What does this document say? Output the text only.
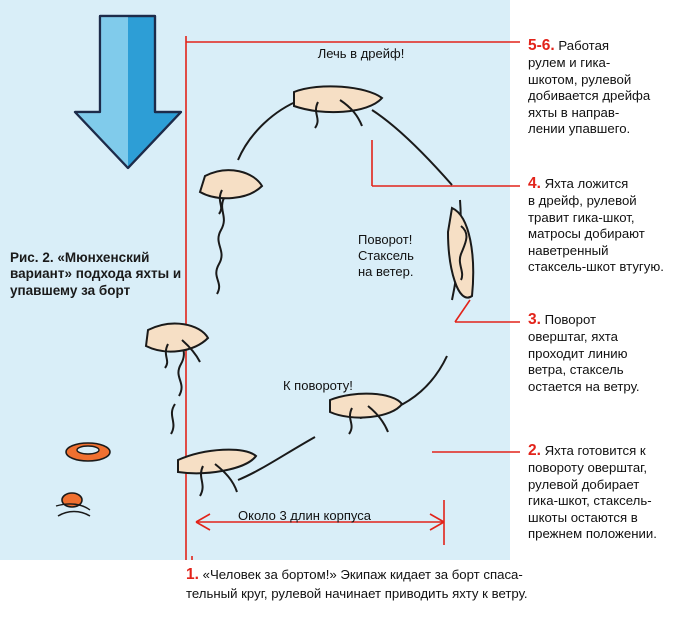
Рис. 2. «Мюнхенский вариант» подхода яхты и упавшему за борт
Лечь в дрейф!
Поворот!
Стаксель
на ветер.
К повороту!
Около 3 длин корпуса
5-6. Работая
рулем и гика-
шкотом, рулевой
добивается дрейфа
яхты в направ-
лении упавшего.
4. Яхта ложится
в дрейф, рулевой
травит гика-шкот,
матросы добирают
наветренный
стаксель-шкот втугую.
3. Поворот
оверштаг, яхта
проходит линию
ветра, стаксель
остается на ветру.
2. Яхта готовится к
повороту оверштаг,
рулевой добирает
гика-шкот, стаксель-
шкоты остаются в
прежнем положении.
1. «Человек за бортом!» Экипаж кидает за борт спаса-
тельный круг, рулевой начинает приводить яхту к ветру.
